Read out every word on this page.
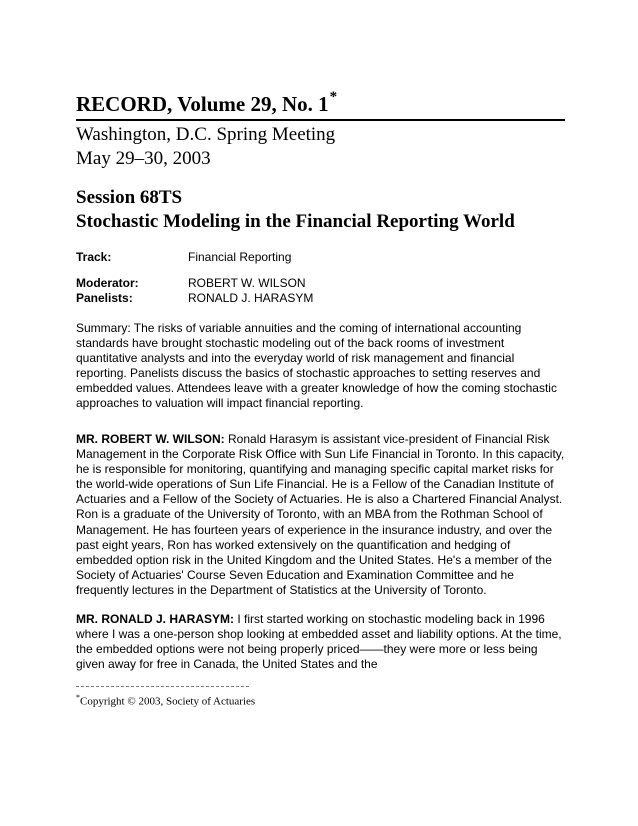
RECORD, Volume 29, No. 1*
Washington, D.C. Spring Meeting
May 29–30, 2003
Session 68TS
Stochastic Modeling in the Financial Reporting World
Track:	Financial Reporting
Moderator:	ROBERT W. WILSON
Panelists:	RONALD J. HARASYM
Summary: The risks of variable annuities and the coming of international accounting standards have brought stochastic modeling out of the back rooms of investment quantitative analysts and into the everyday world of risk management and financial reporting. Panelists discuss the basics of stochastic approaches to setting reserves and embedded values. Attendees leave with a greater knowledge of how the coming stochastic approaches to valuation will impact financial reporting.
MR. ROBERT W. WILSON: Ronald Harasym is assistant vice-president of Financial Risk Management in the Corporate Risk Office with Sun Life Financial in Toronto. In this capacity, he is responsible for monitoring, quantifying and managing specific capital market risks for the world-wide operations of Sun Life Financial. He is a Fellow of the Canadian Institute of Actuaries and a Fellow of the Society of Actuaries. He is also a Chartered Financial Analyst. Ron is a graduate of the University of Toronto, with an MBA from the Rothman School of Management. He has fourteen years of experience in the insurance industry, and over the past eight years, Ron has worked extensively on the quantification and hedging of embedded option risk in the United Kingdom and the United States. He's a member of the Society of Actuaries' Course Seven Education and Examination Committee and he frequently lectures in the Department of Statistics at the University of Toronto.
MR. RONALD J. HARASYM: I first started working on stochastic modeling back in 1996 where I was a one-person shop looking at embedded asset and liability options. At the time, the embedded options were not being properly priced——they were more or less being given away for free in Canada, the United States and the
*Copyright © 2003, Society of Actuaries
